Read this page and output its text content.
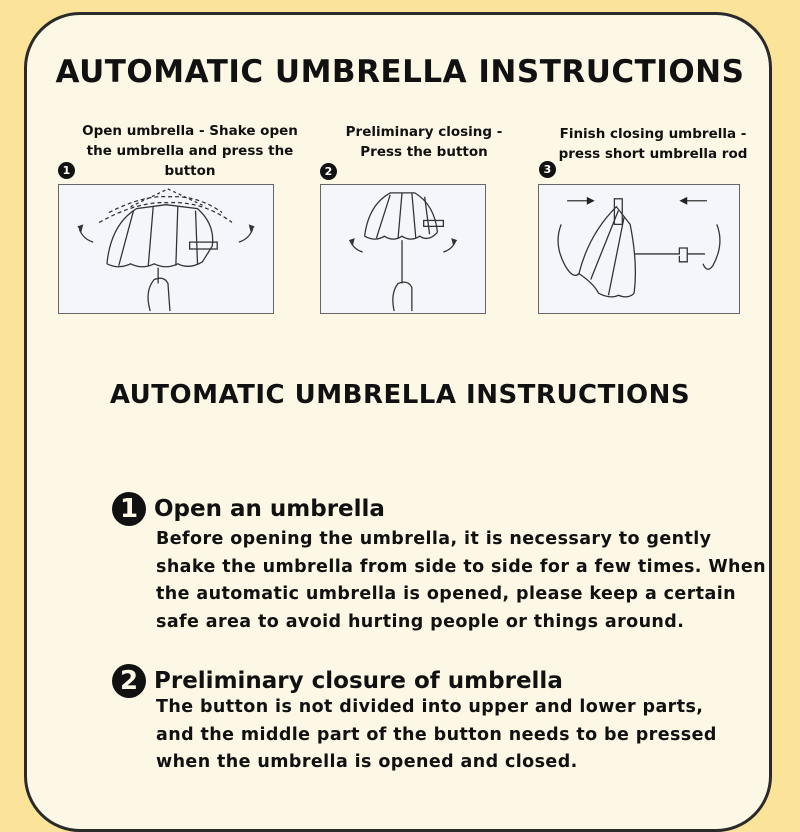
AUTOMATIC UMBRELLA INSTRUCTIONS
Open umbrella - Shake open
the umbrella and press the
button
1
Preliminary closing -
Press the button
2
Finish closing umbrella -
press short umbrella rod
3
AUTOMATIC UMBRELLA INSTRUCTIONS
1 Open an umbrella
Before opening the umbrella, it is necessary to gently
shake the umbrella from side to side for a few times. When
the automatic umbrella is opened, please keep a certain
safe area to avoid hurting people or things around.
2 Preliminary closure of umbrella
The button is not divided into upper and lower parts,
and the middle part of the button needs to be pressed
when the umbrella is opened and closed.
